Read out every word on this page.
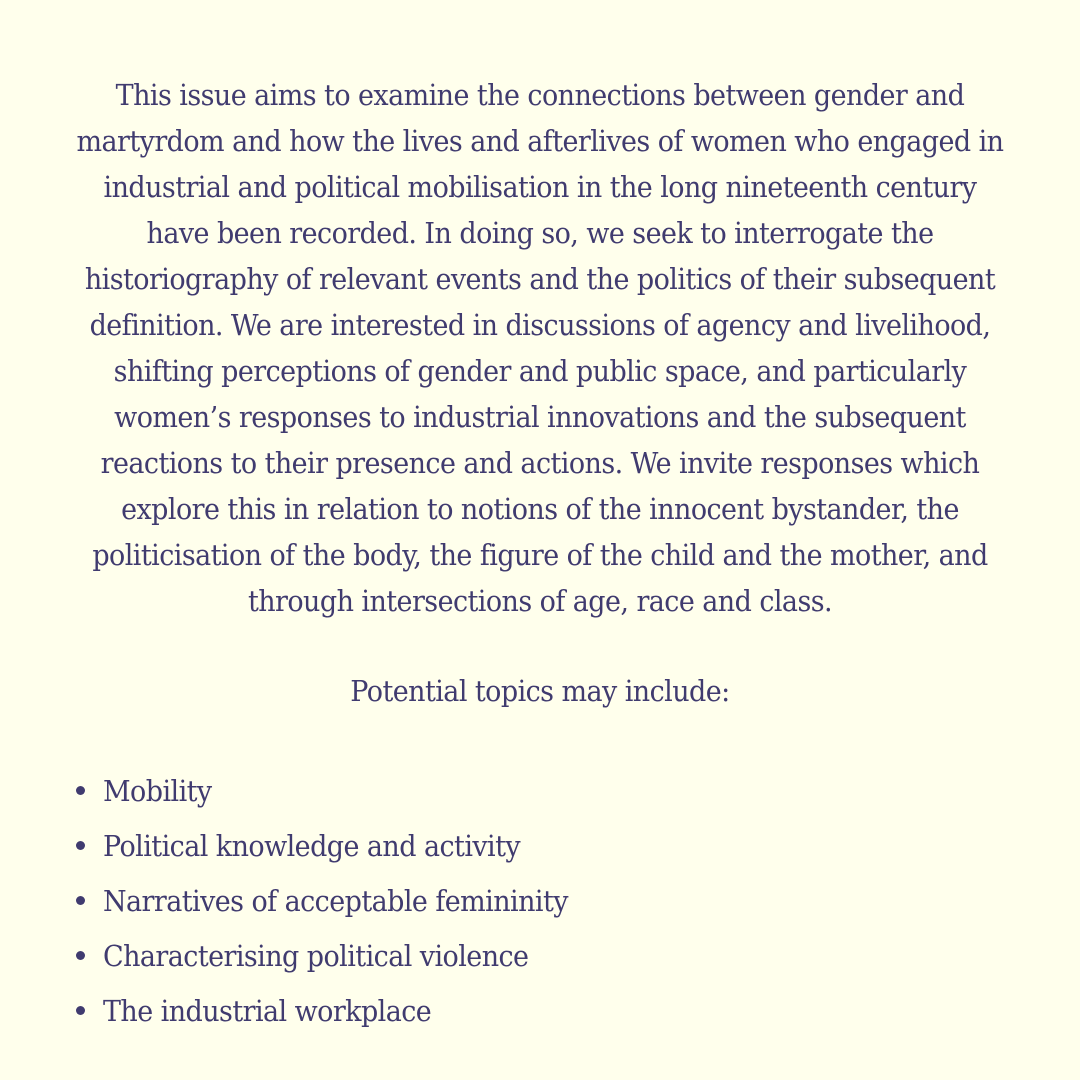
This issue aims to examine the connections between gender and
martyrdom and how the lives and afterlives of women who engaged in
industrial and political mobilisation in the long nineteenth century
have been recorded. In doing so, we seek to interrogate the
historiography of relevant events and the politics of their subsequent
definition. We are interested in discussions of agency and livelihood,
shifting perceptions of gender and public space, and particularly
women’s responses to industrial innovations and the subsequent
reactions to their presence and actions. We invite responses which
explore this in relation to notions of the innocent bystander, the
politicisation of the body, the figure of the child and the mother, and
through intersections of age, race and class.
Potential topics may include:
Mobility
Political knowledge and activity
Narratives of acceptable femininity
Characterising political violence
The industrial workplace
